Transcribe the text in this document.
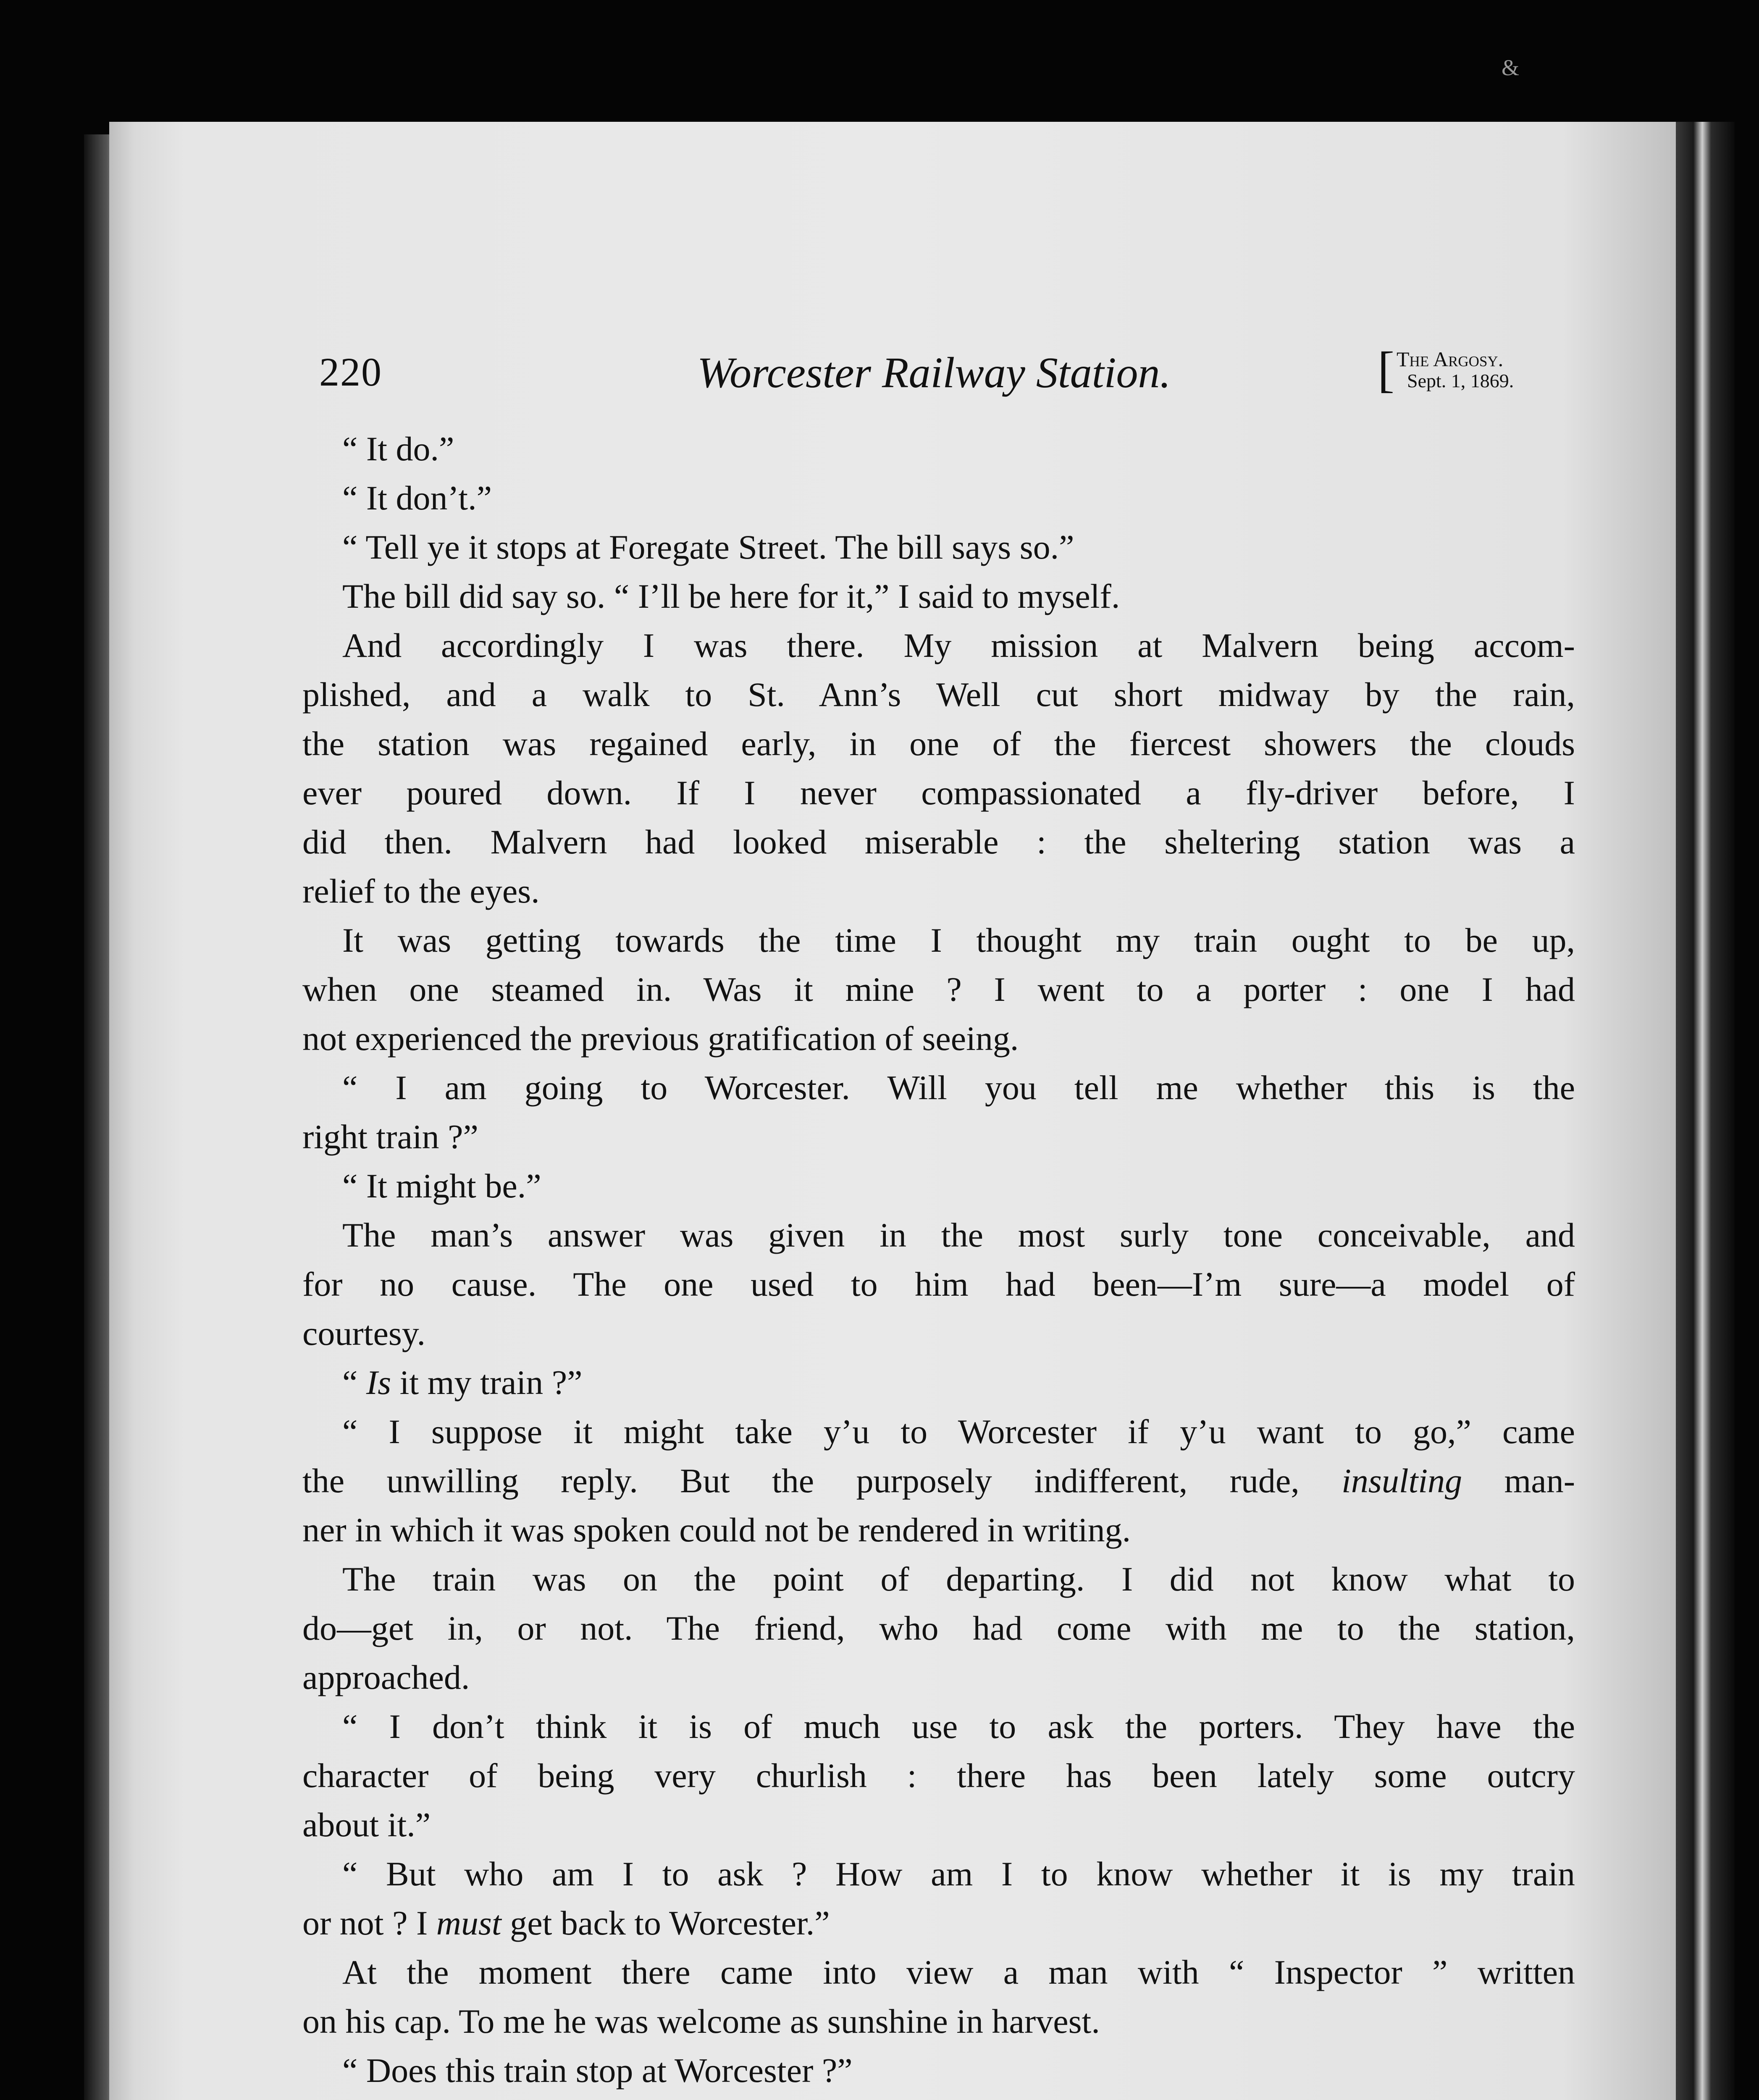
&
220	Worcester Railway Station.	[ The Argosy.
Sept. 1, 1869.
“ It do.”
“ It don’t.”
“ Tell ye it stops at Foregate Street. The bill says so.”
The bill did say so. “ I’ll be here for it,” I said to myself.
And accordingly I was there. My mission at Malvern being accom-
plished, and a walk to St. Ann’s Well cut short midway by the rain,
the station was regained early, in one of the fiercest showers the clouds
ever poured down. If I never compassionated a fly-driver before, I
did then. Malvern had looked miserable : the sheltering station was a
relief to the eyes.
It was getting towards the time I thought my train ought to be up,
when one steamed in. Was it mine ? I went to a porter : one I had
not experienced the previous gratification of seeing.
“ I am going to Worcester. Will you tell me whether this is the
right train ?”
“ It might be.”
The man’s answer was given in the most surly tone conceivable, and
for no cause. The one used to him had been—I’m sure—a model of
courtesy.
“ Is it my train ?”
“ I suppose it might take y’u to Worcester if y’u want to go,” came
the unwilling reply. But the purposely indifferent, rude, insulting man-
ner in which it was spoken could not be rendered in writing.
The train was on the point of departing. I did not know what to
do—get in, or not. The friend, who had come with me to the station,
approached.
“ I don’t think it is of much use to ask the porters. They have the
character of being very churlish : there has been lately some outcry
about it.”
“ But who am I to ask ? How am I to know whether it is my train
or not ? I must get back to Worcester.”
At the moment there came into view a man with “ Inspector ” written
on his cap. To me he was welcome as sunshine in harvest.
“ Does this train stop at Worcester ?”
